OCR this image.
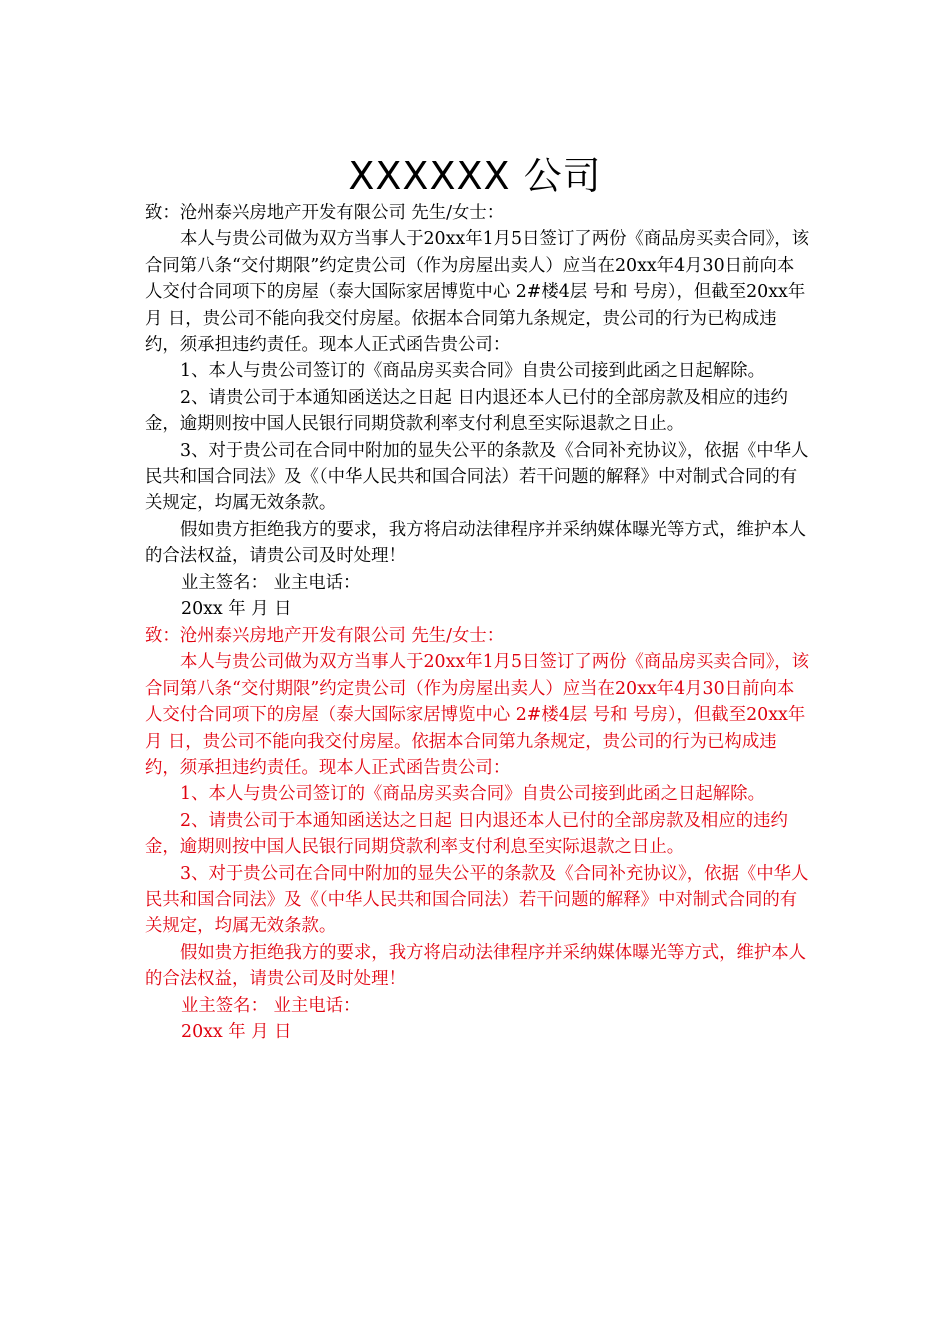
XXXXXX 公司

致：沧州泰兴房地产开发有限公司 先生/女士：

本人与贵公司做为双方当事人于20xx年1月5日签订了两份《商品房买卖合同》，该合同第八条“交付期限”约定贵公司（作为房屋出卖人）应当在20xx年4月30日前向本人交付合同项下的房屋（泰大国际家居博览中心 2#楼4层 号和 号房），但截至20xx年 月 日，贵公司不能向我交付房屋。依据本合同第九条规定，贵公司的行为已构成违约，须承担违约责任。现本人正式函告贵公司：

1、本人与贵公司签订的《商品房买卖合同》自贵公司接到此函之日起解除。

2、请贵公司于本通知函送达之日起 日内退还本人已付的全部房款及相应的违约金，逾期则按中国人民银行同期贷款利率支付利息至实际退款之日止。

3、对于贵公司在合同中附加的显失公平的条款及《合同补充协议》，依据《中华人民共和国合同法》及《（中华人民共和国合同法）若干问题的解释》中对制式合同的有关规定，均属无效条款。

假如贵方拒绝我方的要求，我方将启动法律程序并采纳媒体曝光等方式，维护本人的合法权益，请贵公司及时处理！

业主签名： 业主电话：

20xx 年 月 日

致：沧州泰兴房地产开发有限公司 先生/女士：

本人与贵公司做为双方当事人于20xx年1月5日签订了两份《商品房买卖合同》，该合同第八条“交付期限”约定贵公司（作为房屋出卖人）应当在20xx年4月30日前向本人交付合同项下的房屋（泰大国际家居博览中心 2#楼4层 号和 号房），但截至20xx年 月 日，贵公司不能向我交付房屋。依据本合同第九条规定，贵公司的行为已构成违约，须承担违约责任。现本人正式函告贵公司：

1、本人与贵公司签订的《商品房买卖合同》自贵公司接到此函之日起解除。

2、请贵公司于本通知函送达之日起 日内退还本人已付的全部房款及相应的违约金，逾期则按中国人民银行同期贷款利率支付利息至实际退款之日止。

3、对于贵公司在合同中附加的显失公平的条款及《合同补充协议》，依据《中华人民共和国合同法》及《（中华人民共和国合同法）若干问题的解释》中对制式合同的有关规定，均属无效条款。

假如贵方拒绝我方的要求，我方将启动法律程序并采纳媒体曝光等方式，维护本人的合法权益，请贵公司及时处理！

业主签名： 业主电话：

20xx 年 月 日
